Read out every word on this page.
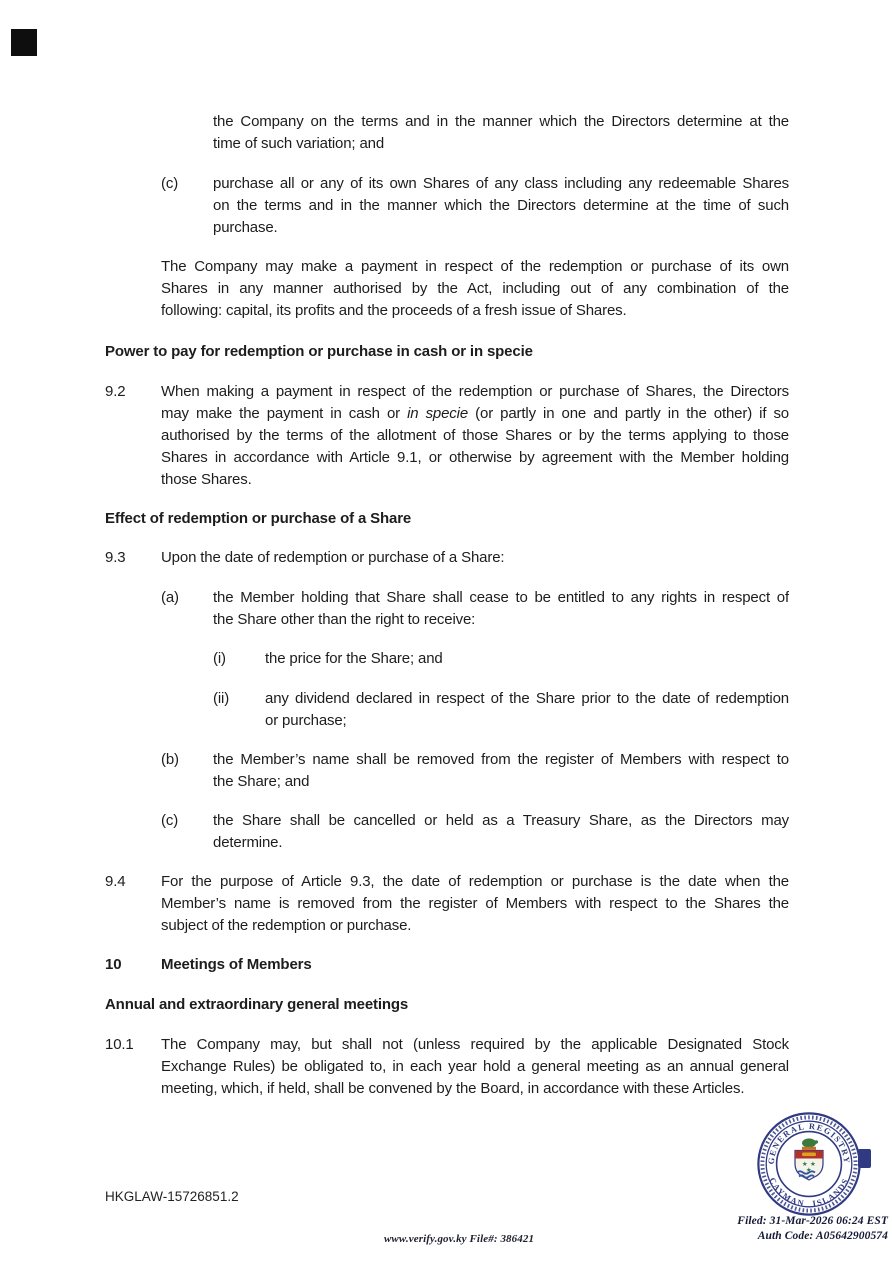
the Company on the terms and in the manner which the Directors determine at the
time of such variation; and
(c)	purchase all or any of its own Shares of any class including any redeemable Shares
on the terms and in the manner which the Directors determine at the time of such
purchase.
The Company may make a payment in respect of the redemption or purchase of its own
Shares in any manner authorised by the Act, including out of any combination of the
following: capital, its profits and the proceeds of a fresh issue of Shares.
Power to pay for redemption or purchase in cash or in specie
9.2	When making a payment in respect of the redemption or purchase of Shares, the Directors
may make the payment in cash or in specie (or partly in one and partly in the other) if so
authorised by the terms of the allotment of those Shares or by the terms applying to those
Shares in accordance with Article 9.1, or otherwise by agreement with the Member holding
those Shares.
Effect of redemption or purchase of a Share
9.3	Upon the date of redemption or purchase of a Share:
(a)	the Member holding that Share shall cease to be entitled to any rights in respect of
the Share other than the right to receive:
(i)	the price for the Share; and
(ii)	any dividend declared in respect of the Share prior to the date of redemption
or purchase;
(b)	the Member’s name shall be removed from the register of Members with respect to
the Share; and
(c)	the Share shall be cancelled or held as a Treasury Share, as the Directors may
determine.
9.4	For the purpose of Article 9.3, the date of redemption or purchase is the date when the
Member’s name is removed from the register of Members with respect to the Shares the
subject of the redemption or purchase.
10	Meetings of Members
Annual and extraordinary general meetings
10.1	The Company may, but shall not (unless required by the applicable Designated Stock
Exchange Rules) be obligated to, in each year hold a general meeting as an annual general
meeting, which, if held, shall be convened by the Board, in accordance with these Articles.
GENERAL REGISTRY
CAYMAN ISLANDS
★ ★
★
HKGLAW-15726851.2
www.verify.gov.ky File#: 386421
Filed: 31-Mar-2026 06:24 EST
Auth Code: A05642900574
